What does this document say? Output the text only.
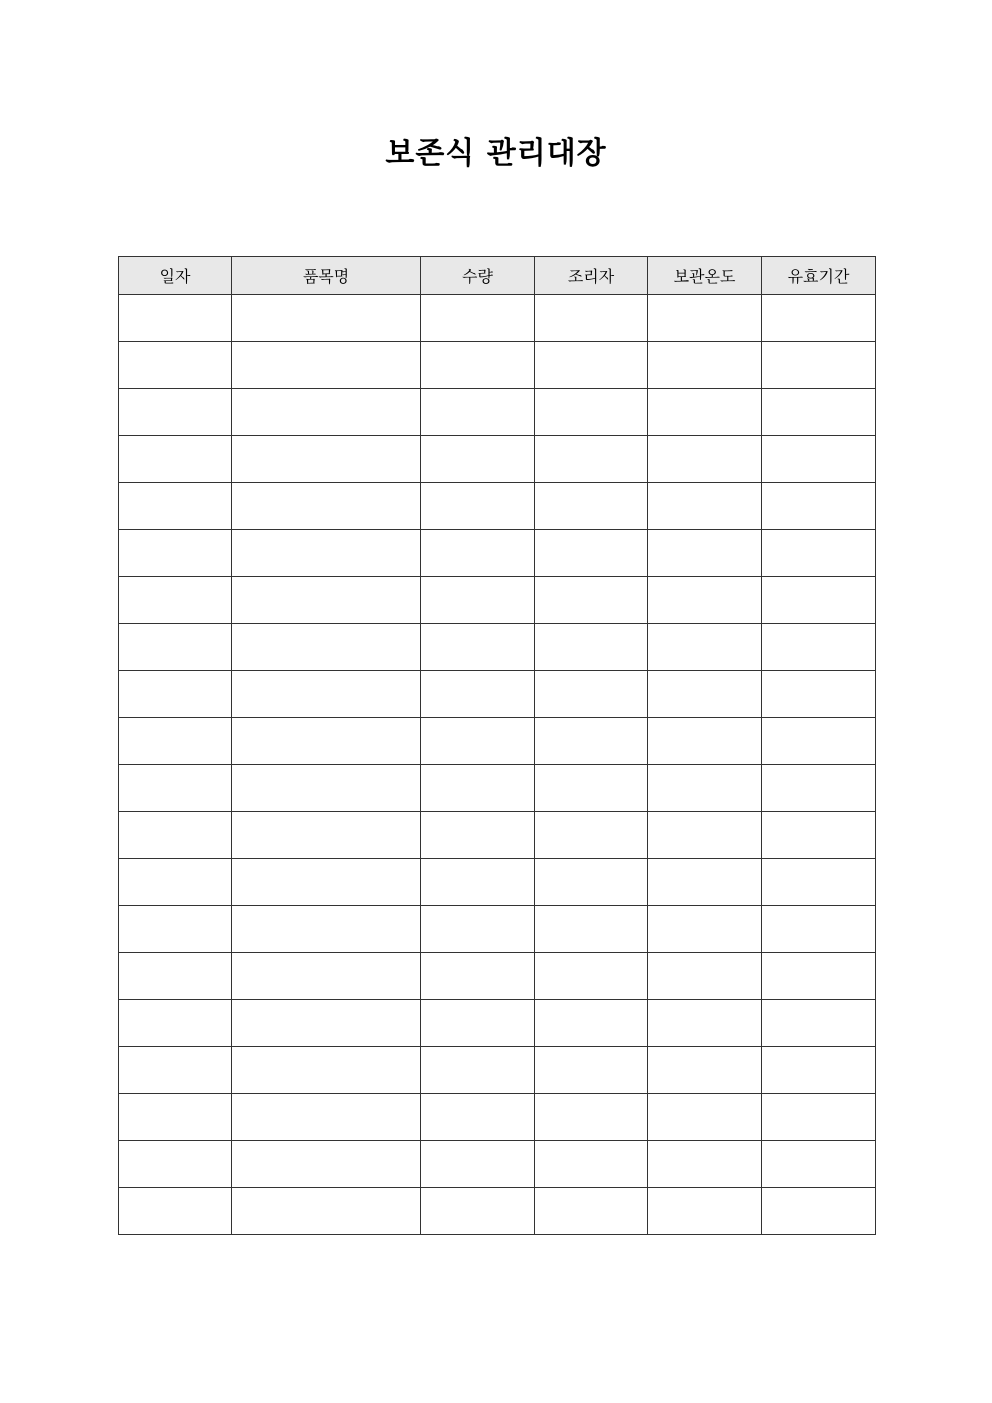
보존식 관리대장
일자	품목명	수량	조리자	보관온도	유효기간
